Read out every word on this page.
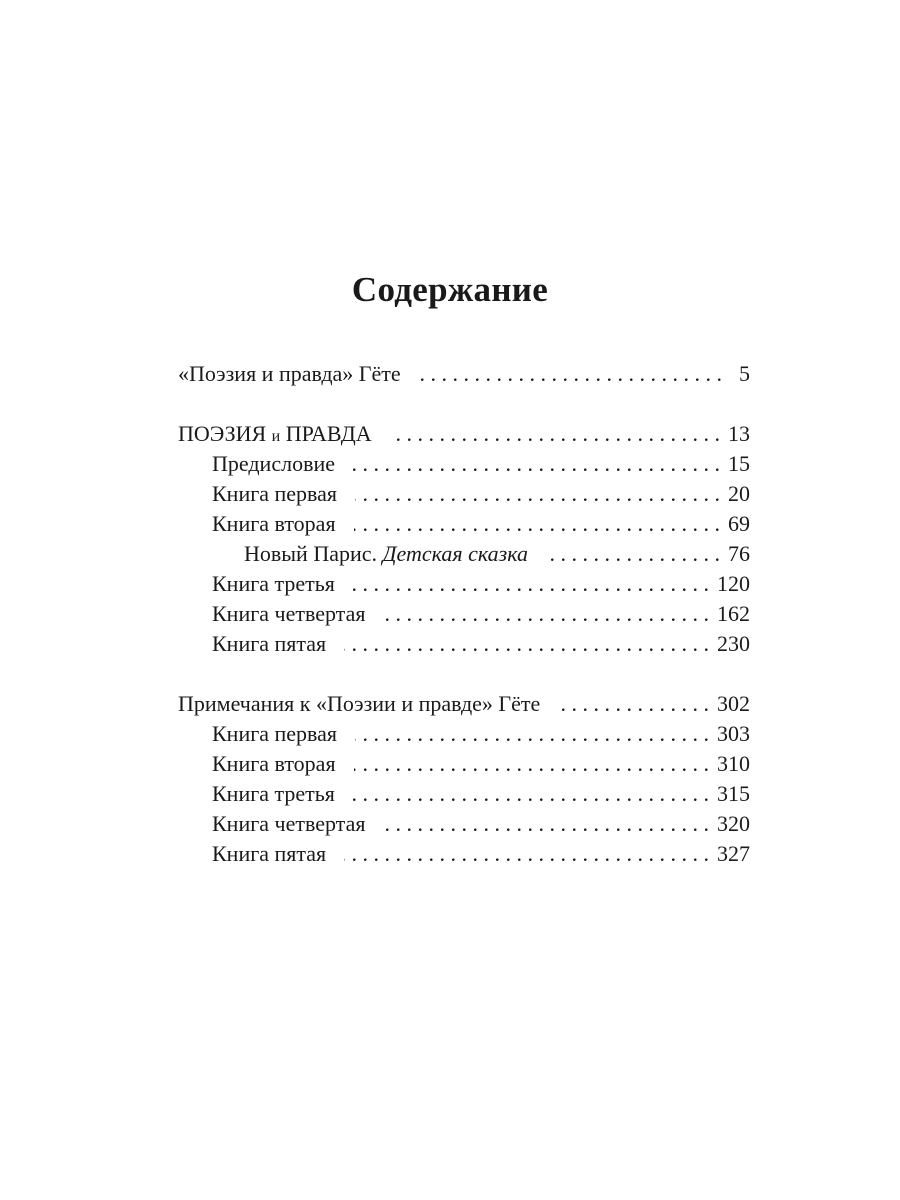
Содержание
«Поэзия и правда» Гёте . . .	5
ПОЭЗИЯ и ПРАВДА . . .	13
Предисловие . . .	15
Книга первая . . .	20
Книга вторая . . .	69
Новый Парис. Детская сказка . . .	76
Книга третья . . .	120
Книга четвертая . . .	162
Книга пятая . . .	230
Примечания к «Поэзии и правде» Гёте . . .	302
Книга первая . . .	303
Книга вторая . . .	310
Книга третья . . .	315
Книга четвертая . . .	320
Книга пятая . . .	327
